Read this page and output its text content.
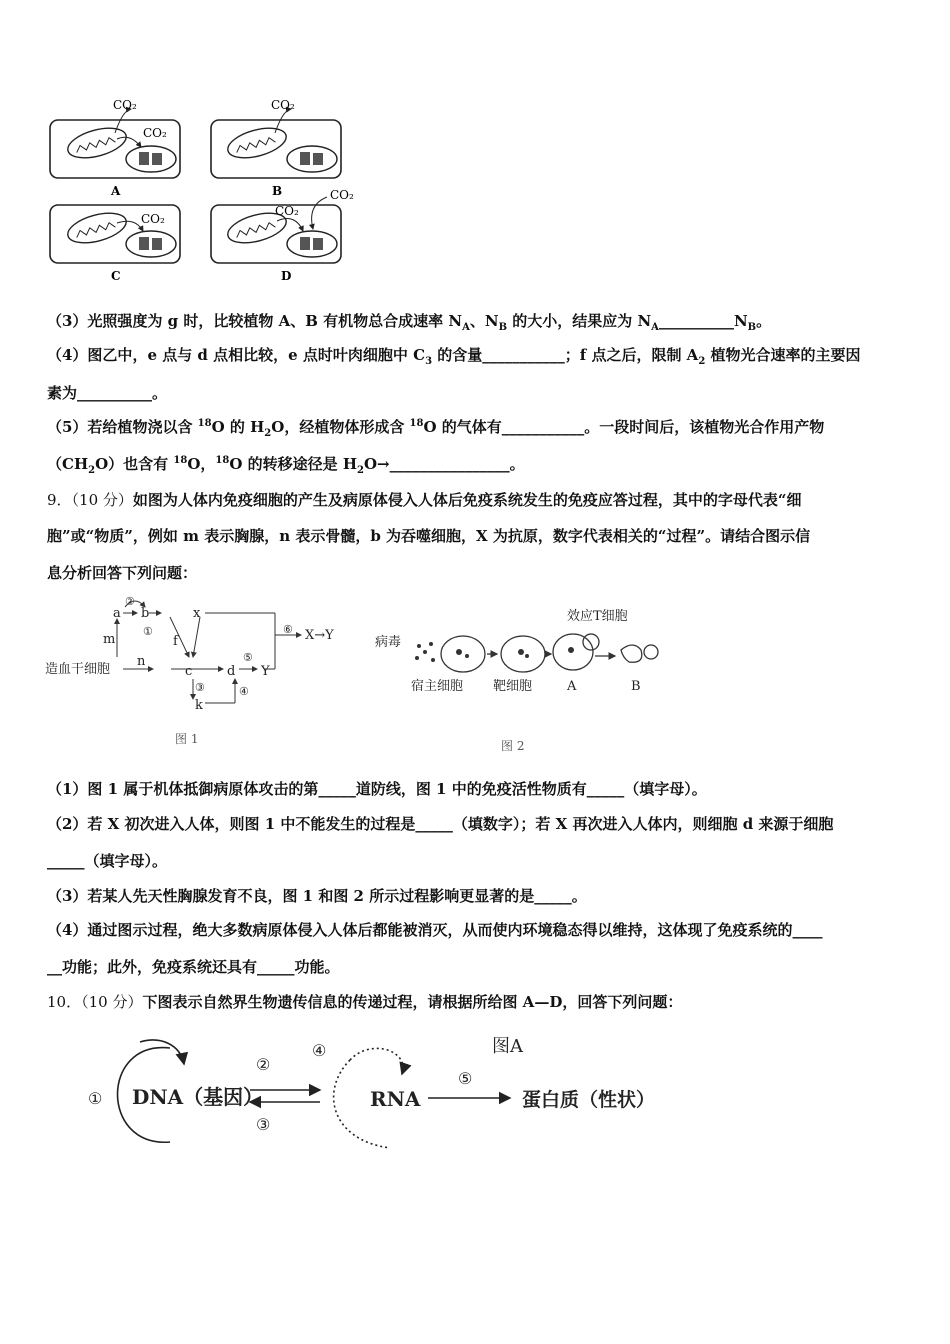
CO₂
CO₂
A
CO₂
B
CO₂
C
CO₂
CO₂
D
（3）光照强度为 g 时，比较植物 A、B 有机物总合成速率 $N_A$、$N_B$ 的大小，结果应为 $N_A\_\_\_\_\_\_\_\_\_\_N_B$。
（4）图乙中，e 点与 d 点相比较，e 点时叶肉细胞中 $C_3$ 的含量___________；f 点之后，限制 $A_2$ 植物光合速率的主要因
素为__________。
（5）若给植物浇以含 $^{18}$O 的 $H_2O$，经植物体形成含 $^{18}$O 的气体有___________。一段时间后，该植物光合作用产物
$(CH_2O)$也含有 $^{18}$O，$^{18}$O 的转移途径是 $H_2O\to\_\_\_\_\_\_\_\_\_\_\_\_\_\_\_\_$。
9．（10 分）如图为人体内免疫细胞的产生及病原体侵入人体后免疫系统发生的免疫应答过程，其中的字母代表“细
胞”或“物质”，例如 m 表示胸腺，n 表示骨髓，b 为吞噬细胞，X 为抗原，数字代表相关的“过程”。请结合图示信
息分析回答下列问题：
造血干细胞
a b	x
f
c	d Y
k
X→Y
m
n
①
②
③	④
⑤
⑥
图 1
病毒
宿主细胞 靶细胞
效应T细胞
A	B
图 2
（1）图 1 属于机体抵御病原体攻击的第_____道防线，图 1 中的免疫活性物质有_____（填字母）。
（2）若 X 初次进入人体，则图 1 中不能发生的过程是_____（填数字）；若 X 再次进入人体内，则细胞 d 来源于细胞
_____（填字母）。
（3）若某人先天性胸腺发育不良，图 1 和图 2 所示过程影响更显著的是_____。
（4）通过图示过程，绝大多数病原体侵入人体后都能被消灭，从而使内环境稳态得以维持，这体现了免疫系统的____
__功能；此外，免疫系统还具有_____功能。
10．（10 分）下图表示自然界生物遗传信息的传递过程，请根据所给图 A—D，回答下列问题：
DNA（基因）	RNA	蛋白质（性状）
图A
①
②
③
④
⑤
